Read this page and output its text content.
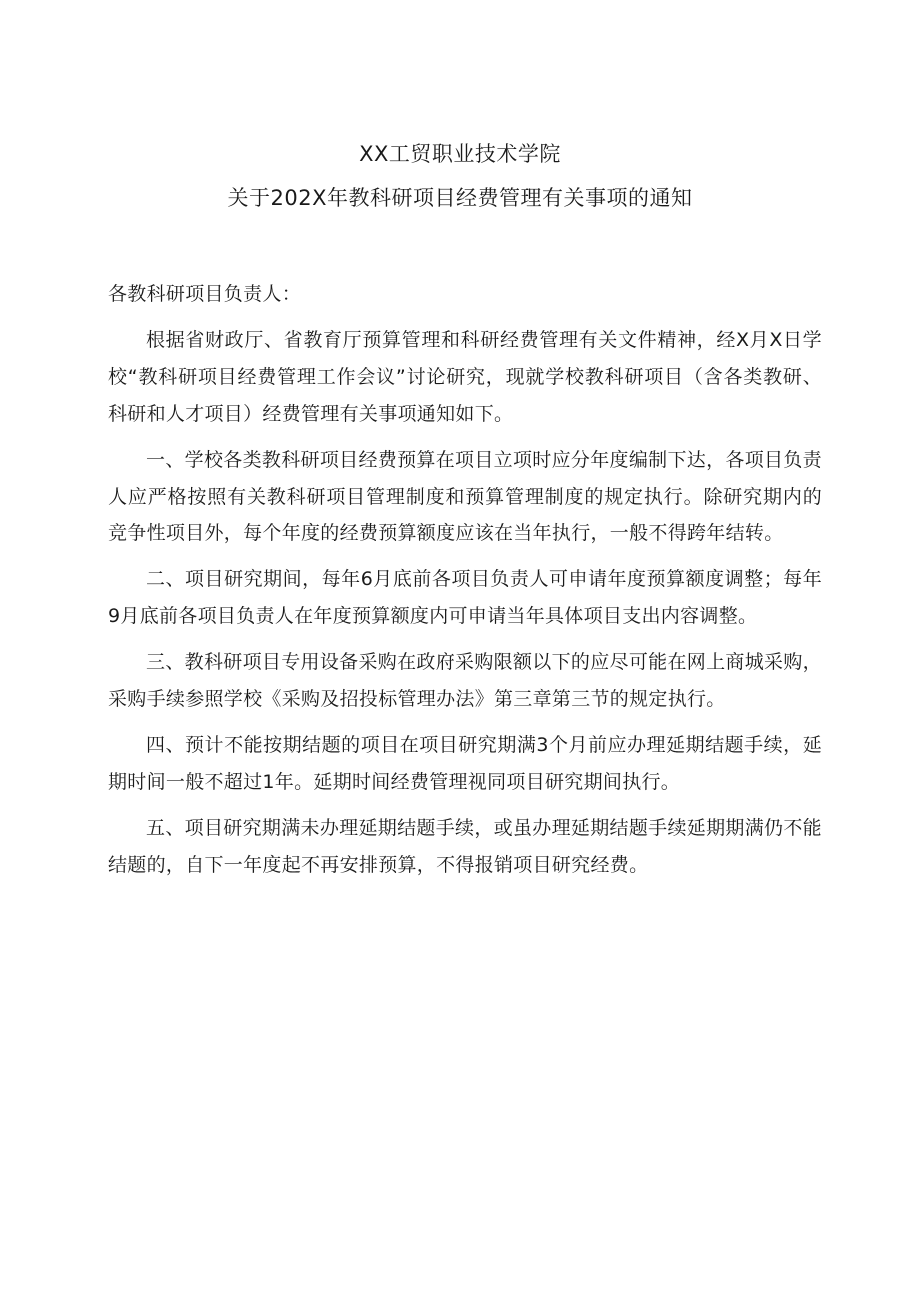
XX工贸职业技术学院
关于202X年教科研项目经费管理有关事项的通知

各教科研项目负责人：

根据省财政厅、省教育厅预算管理和科研经费管理有关文件精神，经X月X日学校“教科研项目经费管理工作会议”讨论研究，现就学校教科研项目（含各类教研、科研和人才项目）经费管理有关事项通知如下。

一、学校各类教科研项目经费预算在项目立项时应分年度编制下达，各项目负责人应严格按照有关教科研项目管理制度和预算管理制度的规定执行。除研究期内的竞争性项目外，每个年度的经费预算额度应该在当年执行，一般不得跨年结转。

二、项目研究期间，每年6月底前各项目负责人可申请年度预算额度调整；每年9月底前各项目负责人在年度预算额度内可申请当年具体项目支出内容调整。

三、教科研项目专用设备采购在政府采购限额以下的应尽可能在网上商城采购，采购手续参照学校《采购及招投标管理办法》第三章第三节的规定执行。

四、预计不能按期结题的项目在项目研究期满3个月前应办理延期结题手续，延期时间一般不超过1年。延期时间经费管理视同项目研究期间执行。

五、项目研究期满未办理延期结题手续，或虽办理延期结题手续延期期满仍不能结题的，自下一年度起不再安排预算，不得报销项目研究经费。
